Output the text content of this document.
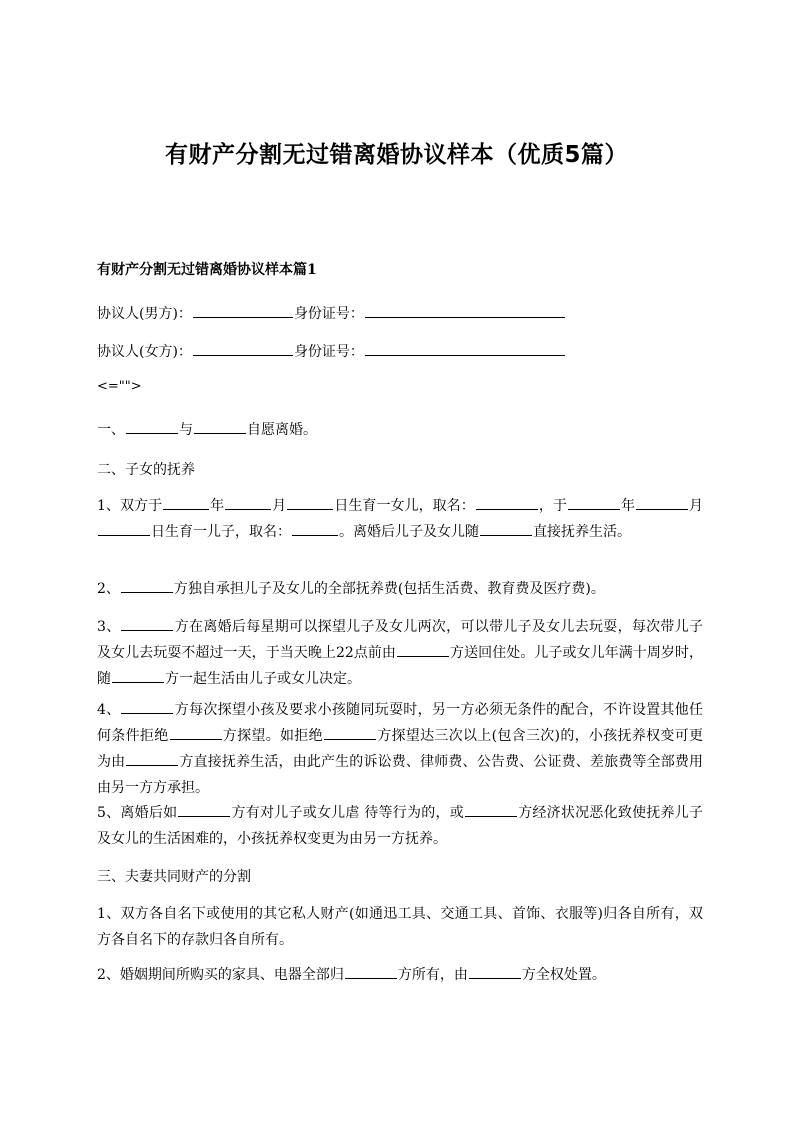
有财产分割无过错离婚协议样本（优质5篇）
有财产分割无过错离婚协议样本篇1
协议人(男方)：	身份证号：
协议人(女方)：	身份证号：
<="">
一、	与	自愿离婚。
二、子女的抚养
1、双方于	年	月	日生育一女儿，取名：	，于	年	月日生育一儿子，取名：	。离婚后儿子及女儿随	直接抚养生活。
2、	方独自承担儿子及女儿的全部抚养费(包括生活费、教育费及医疗费)。
3、	方在离婚后每星期可以探望儿子及女儿两次，可以带儿子及女儿去玩耍，每次带儿子及女儿去玩耍不超过一天，于当天晚上22点前由	方送回住处。儿子或女儿年满十周岁时，随	方一起生活由儿子或女儿决定。
4、	方每次探望小孩及要求小孩随同玩耍时，另一方必须无条件的配合，不许设置其他任何条件拒绝	方探望。如拒绝	方探望达三次以上(包含三次)的，小孩抚养权变可更为由	方直接抚养生活，由此产生的诉讼费、律师费、公告费、公证费、差旅费等全部费用由另一方方承担。
5、离婚后如	方有对儿子或女儿虐 待等行为的，或	方经济状况恶化致使抚养儿子及女儿的生活困难的，小孩抚养权变更为由另一方抚养。
三、夫妻共同财产的分割
1、双方各自名下或使用的其它私人财产(如通迅工具、交通工具、首饰、衣服等)归各自所有，双方各自名下的存款归各自所有。
2、婚姻期间所购买的家具、电器全部归	方所有，由	方全权处置。
